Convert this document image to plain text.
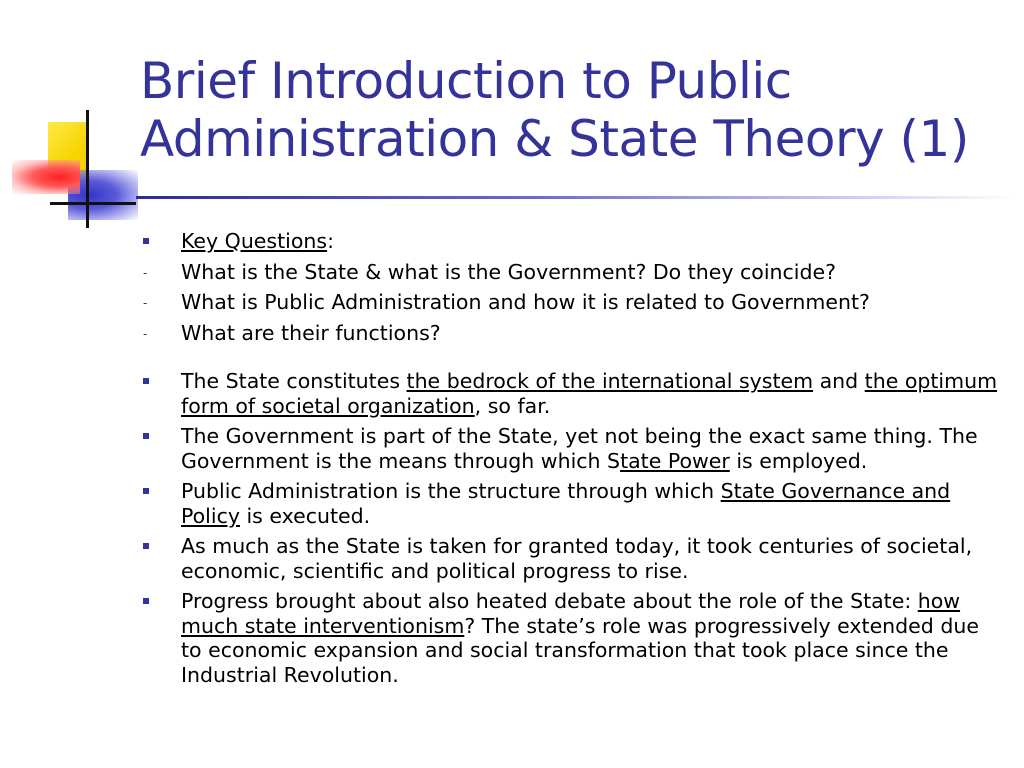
Brief Introduction to Public
Administration & State Theory (1)
Key Questions:
- What is the State & what is the Government? Do they coincide?
- What is Public Administration and how it is related to Government?
- What are their functions?
The State constitutes the bedrock of the international system and the optimum form of societal organization, so far.
The Government is part of the State, yet not being the exact same thing. The Government is the means through which State Power is employed.
Public Administration is the structure through which State Governance and Policy is executed.
As much as the State is taken for granted today, it took centuries of societal, economic, scientific and political progress to rise.
Progress brought about also heated debate about the role of the State: how much state interventionism? The state’s role was progressively extended due to economic expansion and social transformation that took place since the Industrial Revolution.
